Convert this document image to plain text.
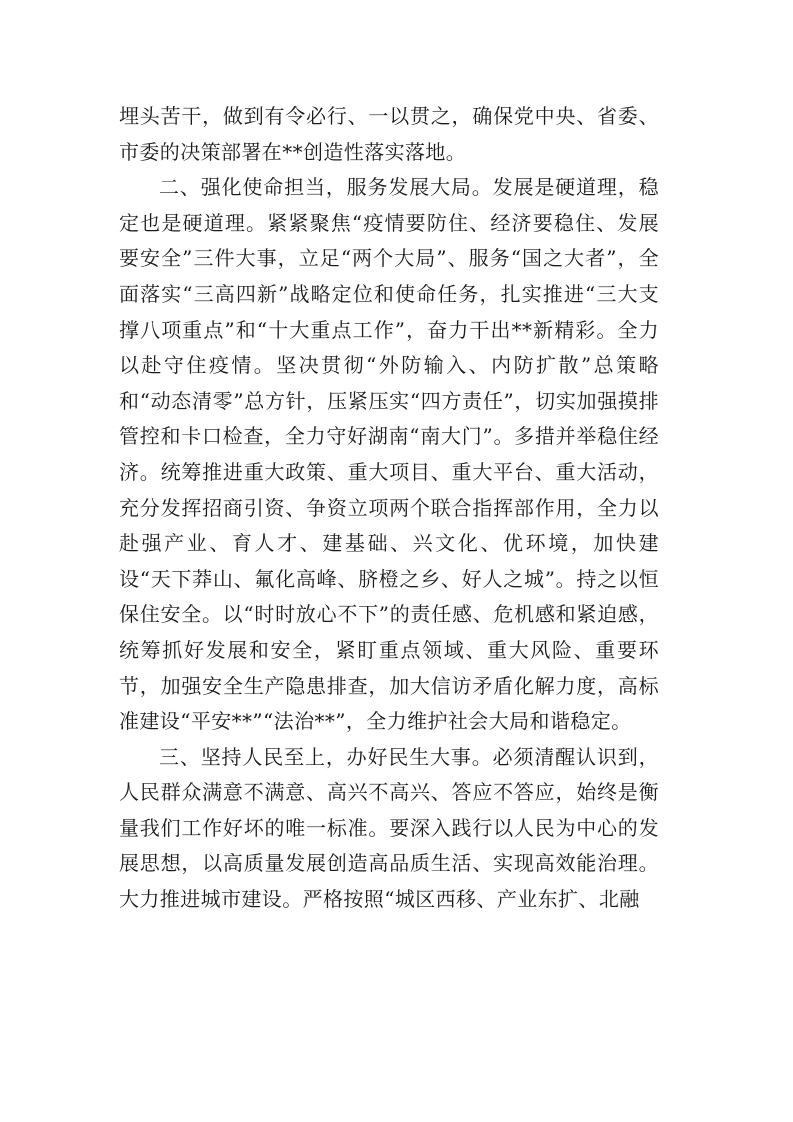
埋头苦干，做到有令必行、一以贯之，确保党中央、省委、市委的决策部署在**创造性落实落地。

二、强化使命担当，服务发展大局。发展是硬道理，稳定也是硬道理。紧紧聚焦“疫情要防住、经济要稳住、发展要安全”三件大事，立足“两个大局”、服务“国之大者”，全面落实“三高四新”战略定位和使命任务，扎实推进“三大支撑八项重点”和“十大重点工作”，奋力干出**新精彩。全力以赴守住疫情。坚决贯彻“外防输入、内防扩散”总策略和“动态清零”总方针，压紧压实“四方责任”，切实加强摸排管控和卡口检查，全力守好湖南“南大门”。多措并举稳住经济。统筹推进重大政策、重大项目、重大平台、重大活动，充分发挥招商引资、争资立项两个联合指挥部作用，全力以赴强产业、育人才、建基础、兴文化、优环境，加快建设“天下莽山、氟化高峰、脐橙之乡、好人之城”。持之以恒保住安全。以“时时放心不下”的责任感、危机感和紧迫感，统筹抓好发展和安全，紧盯重点领域、重大风险、重要环节，加强安全生产隐患排查，加大信访矛盾化解力度，高标准建设“平安**”“法治**”，全力维护社会大局和谐稳定。

三、坚持人民至上，办好民生大事。必须清醒认识到，人民群众满意不满意、高兴不高兴、答应不答应，始终是衡量我们工作好坏的唯一标准。要深入践行以人民为中心的发展思想，以高质量发展创造高品质生活、实现高效能治理。大力推进城市建设。严格按照“城区西移、产业东扩、北融
